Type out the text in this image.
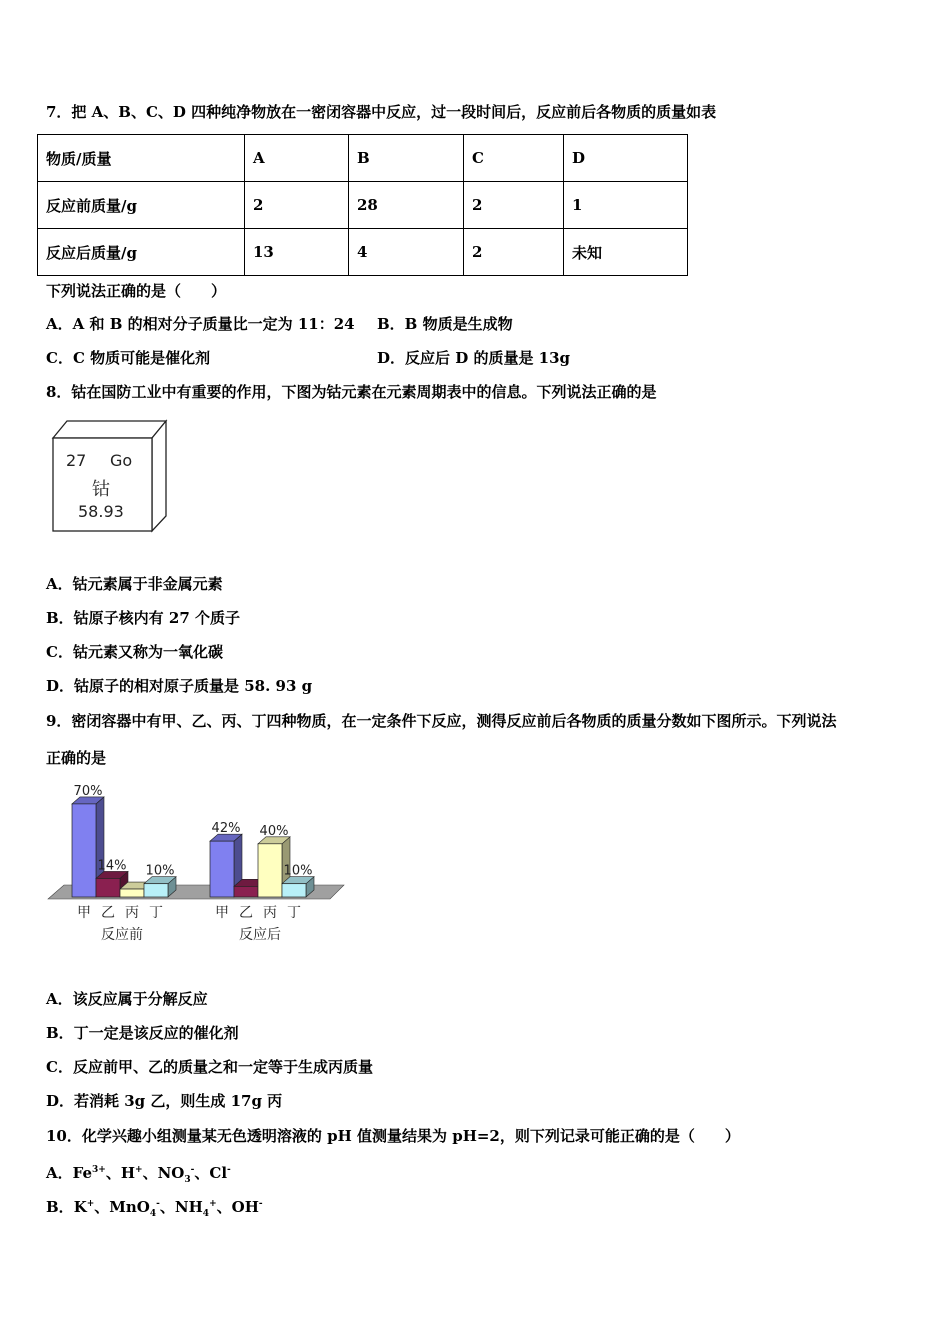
7．把 A、B、C、D 四种纯净物放在一密闭容器中反应，过一段时间后，反应前后各物质的质量如表
物质/质量	A	B	C	D
反应前质量/g	2	28	2	1
反应后质量/g	13	4	2	未知
下列说法正确的是（　　）
A．A 和 B 的相对分子质量比一定为 11：24 B．B 物质是生成物
C．C 物质可能是催化剂	D．反应后 D 的质量是 13g
8．钴在国防工业中有重要的作用，下图为钴元素在元素周期表中的信息。下列说法正确的是
27 Go
钴
58.93
A．钴元素属于非金属元素
B．钴原子核内有 27 个质子
C．钴元素又称为一氧化碳
D．钴原子的相对原子质量是 58. 93 g
9．密闭容器中有甲、乙、丙、丁四种物质，在一定条件下反应，测得反应前后各物质的质量分数如下图所示。下列说法
正确的是
70%
14% 10%
甲 乙 丙 丁
反应前
42% 40%
10%
甲 乙 丙 丁
反应后
A．该反应属于分解反应
B．丁一定是该反应的催化剂
C．反应前甲、乙的质量之和一定等于生成丙质量
D．若消耗 3g 乙，则生成 17g 丙
10．化学兴趣小组测量某无色透明溶液的 pH 值测量结果为 pH=2，则下列记录可能正确的是（　　）
A．$Fe^{3+}$、H+、$NO_3^-$、Cl-
B．K+、MnO$_4$-、$NH_4^+$、OH-
